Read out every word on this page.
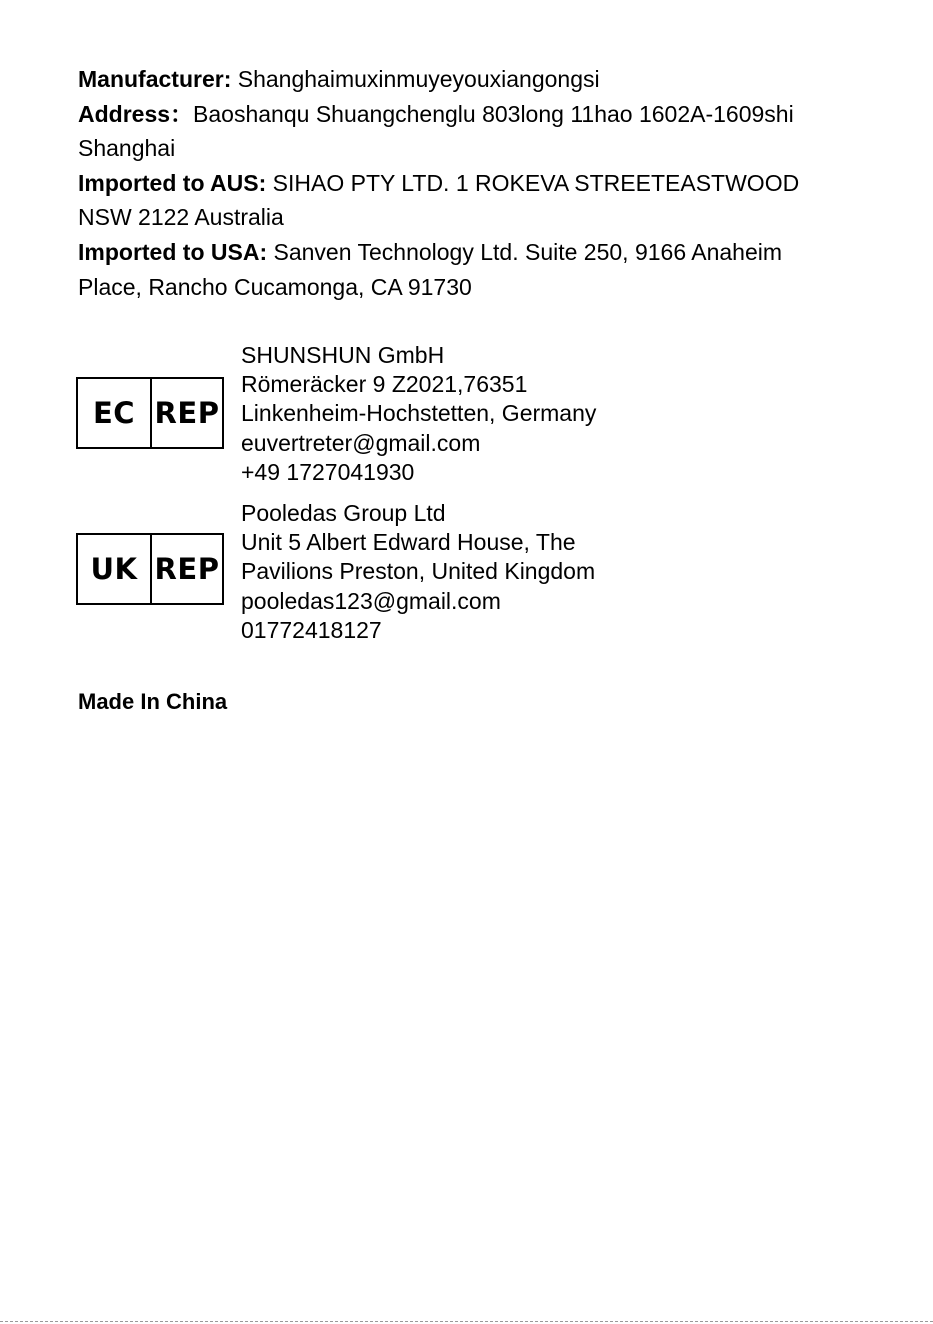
Manufacturer: Shanghaimuxinmuyeyouxiangongsi
Address：Baoshanqu Shuangchenglu 803long 11hao 1602A-1609shi
Shanghai
Imported to AUS: SIHAO PTY LTD. 1 ROKEVA STREETEASTWOOD
NSW 2122 Australia
Imported to USA: Sanven Technology Ltd. Suite 250, 9166 Anaheim
Place, Rancho Cucamonga, CA 91730
EC REP
SHUNSHUN GmbH
Römeräcker 9 Z2021,76351
Linkenheim-Hochstetten, Germany
euvertreter@gmail.com
+49 1727041930
UK REP
Pooledas Group Ltd
Unit 5 Albert Edward House, The
Pavilions Preston, United Kingdom
pooledas123@gmail.com
01772418127
Made In China
